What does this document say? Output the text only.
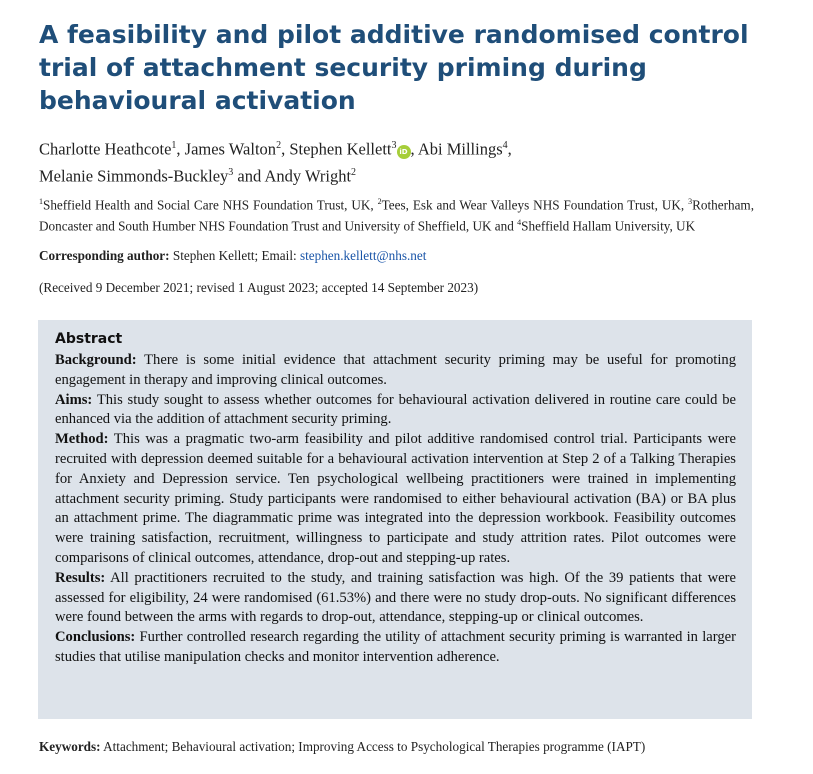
A feasibility and pilot additive randomised control trial of attachment security priming during behavioural activation
Charlotte Heathcote$^1$, James Walton$^2$, Stephen Kellett$^3$iD , Abi Millings$^4$,
Melanie Simmonds-Buckley$^3$ and Andy Wright$^2$
$^1$Sheffield Health and Social Care NHS Foundation Trust, UK, $^2$Tees, Esk and Wear Valleys NHS Foundation Trust, UK, $^3$Rotherham, Doncaster and South Humber NHS Foundation Trust and University of Sheffield, UK and $^4$Sheffield Hallam University, UK
Corresponding author: Stephen Kellett; Email: stephen.kellett@nhs.net
(Received 9 December 2021; revised 1 August 2023; accepted 14 September 2023)
Abstract

Background: There is some initial evidence that attachment security priming may be useful for promoting engagement in therapy and improving clinical outcomes.

Aims: This study sought to assess whether outcomes for behavioural activation delivered in routine care could be enhanced via the addition of attachment security priming.

Method: This was a pragmatic two-arm feasibility and pilot additive randomised control trial. Participants were recruited with depression deemed suitable for a behavioural activation intervention at Step 2 of a Talking Therapies for Anxiety and Depression service. Ten psychological wellbeing practitioners were trained in implementing attachment security priming. Study participants were randomised to either behavioural activation (BA) or BA plus an attachment prime. The diagrammatic prime was integrated into the depression workbook. Feasibility outcomes were training satisfaction, recruitment, willingness to participate and study attrition rates. Pilot outcomes were comparisons of clinical outcomes, attendance, drop-out and stepping-up rates.

Results: All practitioners recruited to the study, and training satisfaction was high. Of the 39 patients that were assessed for eligibility, 24 were randomised (61.53%) and there were no study drop-outs. No significant differences were found between the arms with regards to drop-out, attendance, stepping-up or clinical outcomes.

Conclusions: Further controlled research regarding the utility of attachment security priming is warranted in larger studies that utilise manipulation checks and monitor intervention adherence.

Keywords: Attachment; Behavioural activation; Improving Access to Psychological Therapies programme (IAPT)
